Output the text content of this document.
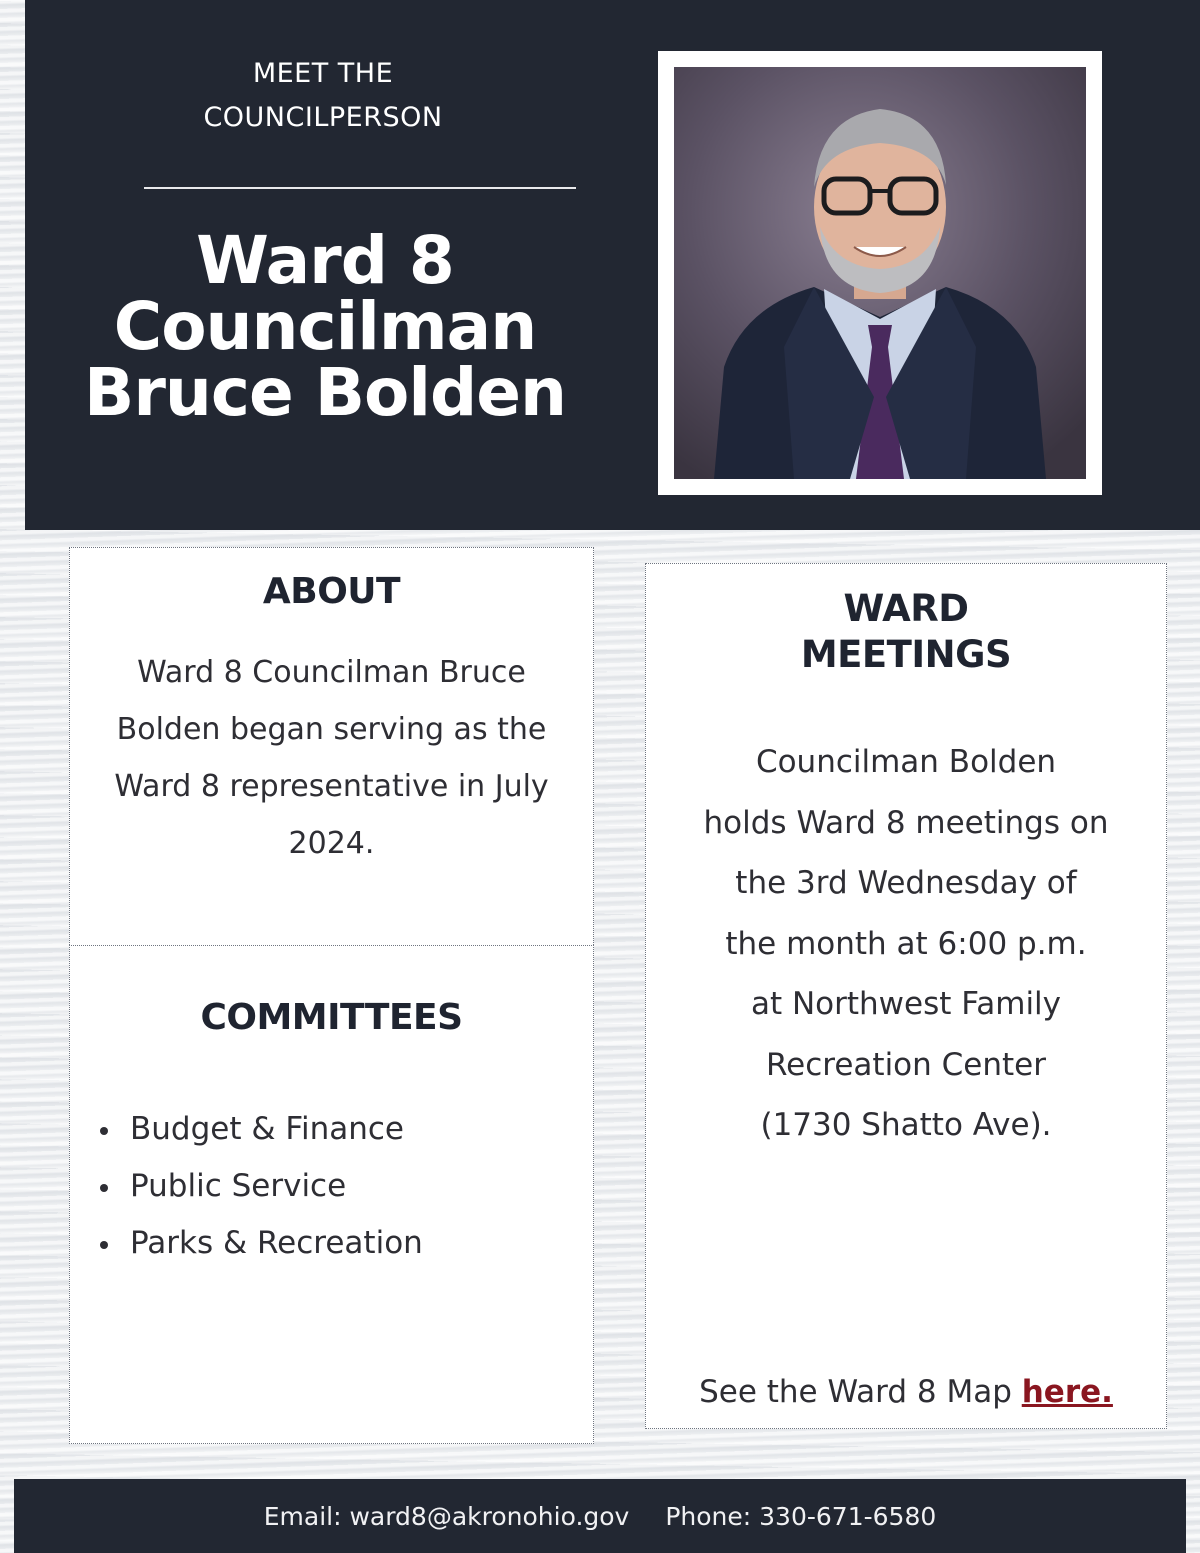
MEET THE
COUNCILPERSON
Ward 8
Councilman
Bruce Bolden
ABOUT
Ward 8 Councilman Bruce Bolden began serving as the Ward 8 representative in July 2024.
COMMITTEES
Budget & Finance
Public Service
Parks & Recreation
WARD
MEETINGS
Councilman Bolden
holds Ward 8 meetings on
the 3rd Wednesday of
the month at 6:00 p.m.
at Northwest Family
Recreation Center
(1730 Shatto Ave).
See the Ward 8 Map here.
Email: ward8@akronohio.gov Phone: 330-671-6580
